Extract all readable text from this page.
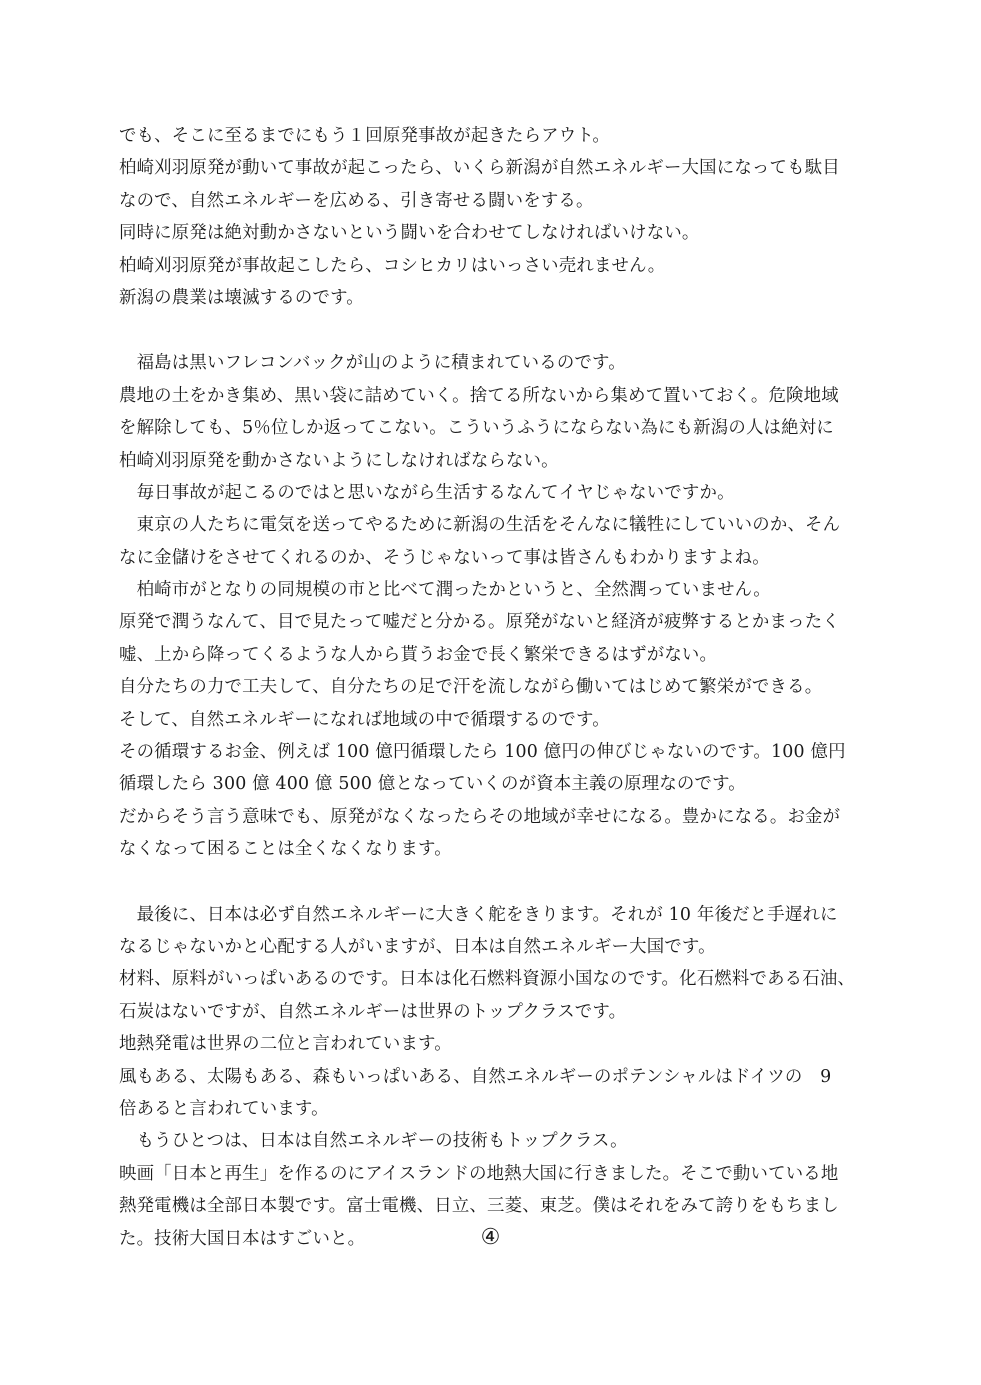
でも、そこに至るまでにもう１回原発事故が起きたらアウト。
柏崎刈羽原発が動いて事故が起こったら、いくら新潟が自然エネルギー大国になっても駄目
なので、自然エネルギーを広める、引き寄せる闘いをする。
同時に原発は絶対動かさないという闘いを合わせてしなければいけない。
柏崎刈羽原発が事故起こしたら、コシヒカリはいっさい売れません。
新潟の農業は壊滅するのです。
　福島は黒いフレコンバックが山のように積まれているのです。
農地の土をかき集め、黒い袋に詰めていく。捨てる所ないから集めて置いておく。危険地域
を解除しても、5％位しか返ってこない。こういうふうにならない為にも新潟の人は絶対に
柏崎刈羽原発を動かさないようにしなければならない。
　毎日事故が起こるのではと思いながら生活するなんてイヤじゃないですか。
　東京の人たちに電気を送ってやるために新潟の生活をそんなに犠牲にしていいのか、そん
なに金儲けをさせてくれるのか、そうじゃないって事は皆さんもわかりますよね。
　柏崎市がとなりの同規模の市と比べて潤ったかというと、全然潤っていません。
原発で潤うなんて、目で見たって嘘だと分かる。原発がないと経済が疲弊するとかまったく
嘘、上から降ってくるような人から貰うお金で長く繁栄できるはずがない。
自分たちの力で工夫して、自分たちの足で汗を流しながら働いてはじめて繁栄ができる。
そして、自然エネルギーになれば地域の中で循環するのです。
その循環するお金、例えば 100 億円循環したら 100 億円の伸びじゃないのです。100 億円
循環したら 300 億 400 億 500 億となっていくのが資本主義の原理なのです。
だからそう言う意味でも、原発がなくなったらその地域が幸せになる。豊かになる。お金が
なくなって困ることは全くなくなります。
　最後に、日本は必ず自然エネルギーに大きく舵をきります。それが 10 年後だと手遅れに
なるじゃないかと心配する人がいますが、日本は自然エネルギー大国です。
材料、原料がいっぱいあるのです。日本は化石燃料資源小国なのです。化石燃料である石油、
石炭はないですが、自然エネルギーは世界のトップクラスです。
地熱発電は世界の二位と言われています。
風もある、太陽もある、森もいっぱいある、自然エネルギーのポテンシャルはドイツの　9
倍あると言われています。
　もうひとつは、日本は自然エネルギーの技術もトップクラス。
映画「日本と再生」を作るのにアイスランドの地熱大国に行きました。そこで動いている地
熱発電機は全部日本製です。富士電機、日立、三菱、東芝。僕はそれをみて誇りをもちまし
た。技術大国日本はすごいと。	④
